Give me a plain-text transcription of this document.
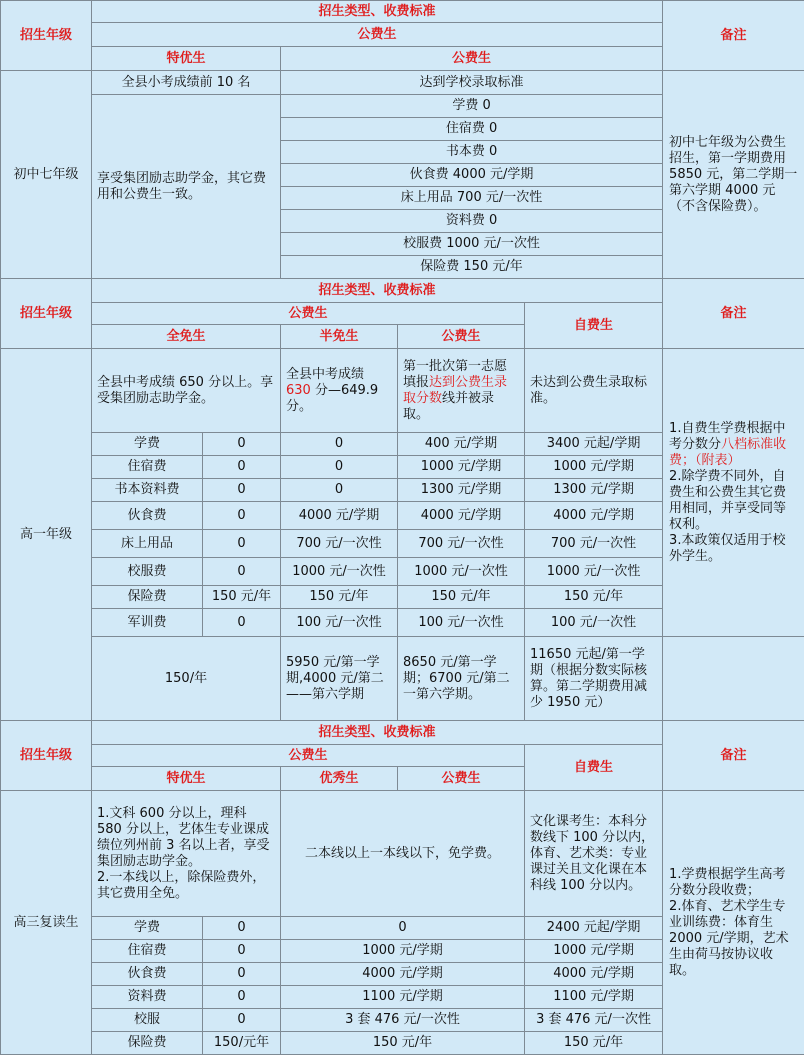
招生年级	招生类型、收费标准					备注
	公费生					
	特优生		公费生			
初中七年级	全县小考成绩前 10 名		达到学校录取标准			初中七年级为公费生招生，第一学期费用 5850 元，第二学期一第六学期 4000 元（不含保险费）。
	享受集团励志助学金，其它费用和公费生一致。		学费 0			
			住宿费 0			
			书本费 0			
			伙食费 4000 元/学期			
			床上用品 700 元/一次性			
			资料费 0			
			校服费 1000 元/一次性			
			保险费 150 元/年			
招生年级	招生类型、收费标准					备注
	公费生				自费生	
	全免生		半免生	公费生		
高一年级	全县中考成绩 650 分以上。享受集团励志助学金。		全县中考成绩 630 分—649.9 分。	第一批次第一志愿填报达到公费生录取分数线并被录取。	未达到公费生录取标准。	1.自费生学费根据中考分数分八档标准收费；（附表）
2.除学费不同外，自费生和公费生其它费用相同，并享受同等权利。
3.本政策仅适用于校外学生。
	学费	0	0	400 元/学期	3400 元起/学期	
	住宿费	0	0	1000 元/学期	1000 元/学期	
	书本资料费	0	0	1300 元/学期	1300 元/学期	
	伙食费	0	4000 元/学期	4000 元/学期	4000 元/学期	
	床上用品	0	700 元/一次性	700 元/一次性	700 元/一次性	
	校服费	0	1000 元/一次性	1000 元/一次性	1000 元/一次性	
	保险费	150 元/年	150 元/年	150 元/年	150 元/年	
	军训费	0	100 元/一次性	100 元/一次性	100 元/一次性	
	150/年		5950 元/第一学期,4000 元/第二——第六学期	8650 元/第一学期；6700 元/第二一第六学期。	11650 元起/第一学期（根据分数实际核算。第二学期费用减少 1950 元）	
招生年级	招生类型、收费标准					备注
	公费生				自费生	
	特优生		优秀生	公费生		
高三复读生	1.文科 600 分以上，理科 580 分以上，艺体生专业课成绩位列州前 3 名以上者，享受集团励志助学金。
2.一本线以上，除保险费外，其它费用全免。		二本线以上一本线以下，免学费。		文化课考生：本科分数线下 100 分以内，体育、艺术类：专业课过关且文化课在本科线 100 分以内。	1.学费根据学生高考分数分段收费；
2.体育、艺术学生专业训练费：体育生 2000 元/学期，艺术生由荷马按协议收取。
	学费	0	0		2400 元起/学期	
	住宿费	0	1000 元/学期		1000 元/学期	
	伙食费	0	4000 元/学期		4000 元/学期	
	资料费	0	1100 元/学期		1100 元/学期	
	校服	0	3 套 476 元/一次性		3 套 476 元/一次性	
	保险费	150/元年	150 元/年		150 元/年	
